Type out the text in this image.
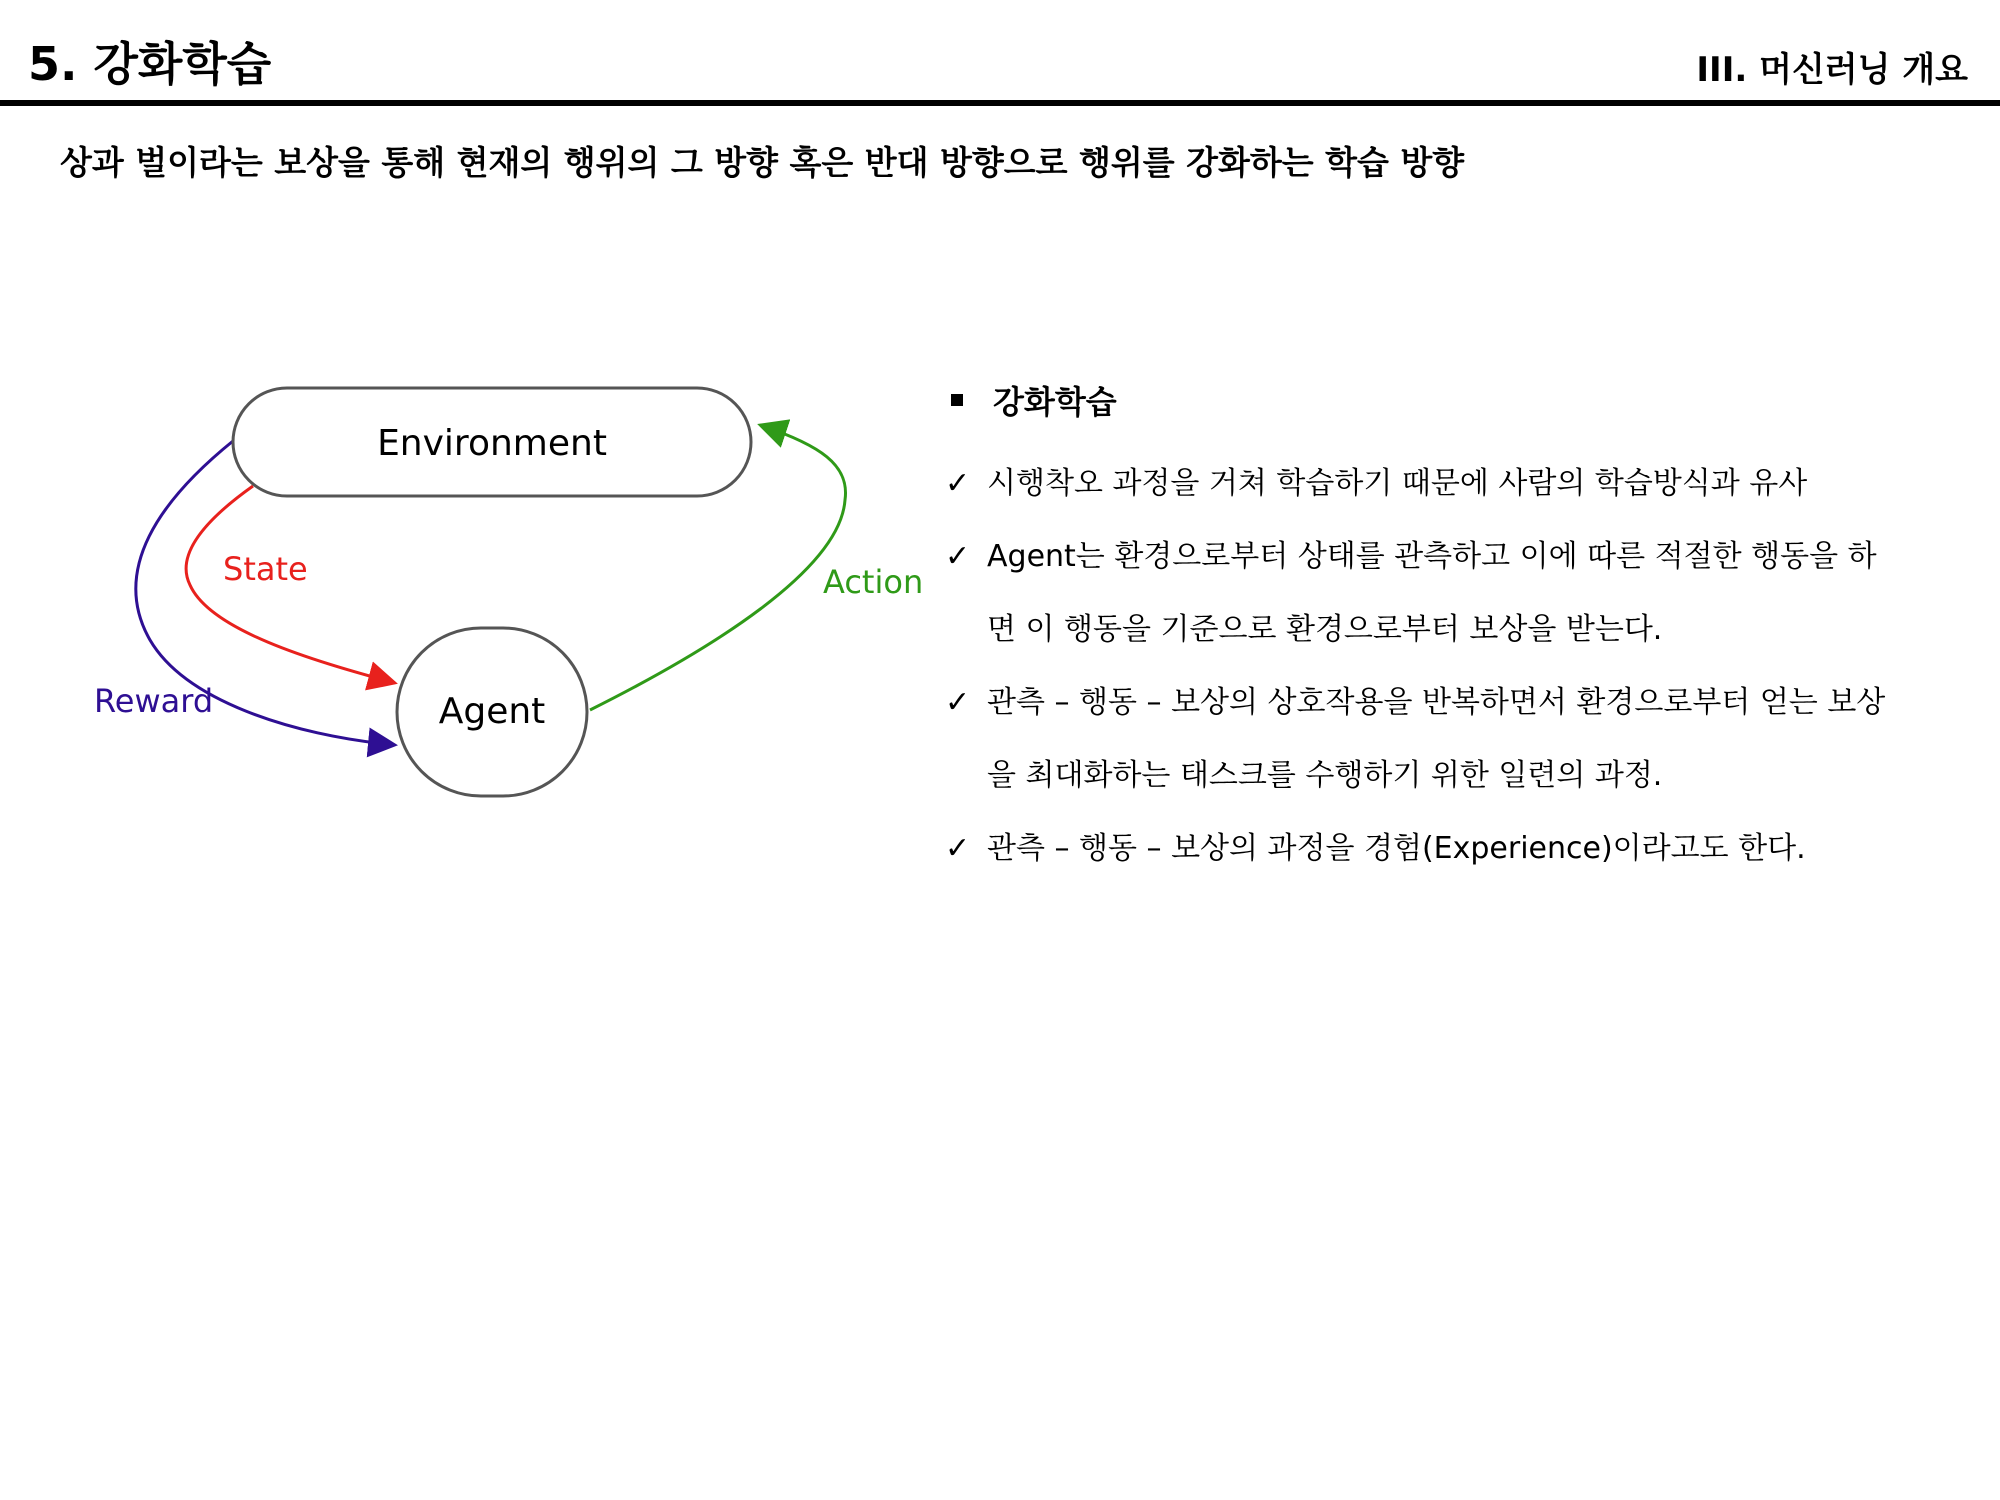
5. 강화학습	III. 머신러닝 개요

상과 벌이라는 보상을 통해 현재의 행위의 그 방향 혹은 반대 방향으로 행위를 강화하는 학습 방향

Environment
Agent
State
Reward
Action
강화학습
✓ 시행착오 과정을 거쳐 학습하기 때문에 사람의 학습방식과 유사
✓ Agent는 환경으로부터 상태를 관측하고 이에 따른 적절한 행동을 하
면 이 행동을 기준으로 환경으로부터 보상을 받는다.
✓ 관측 – 행동 – 보상의 상호작용을 반복하면서 환경으로부터 얻는 보상
을 최대화하는 태스크를 수행하기 위한 일련의 과정.
✓ 관측 – 행동 – 보상의 과정을 경험(Experience)이라고도 한다.
